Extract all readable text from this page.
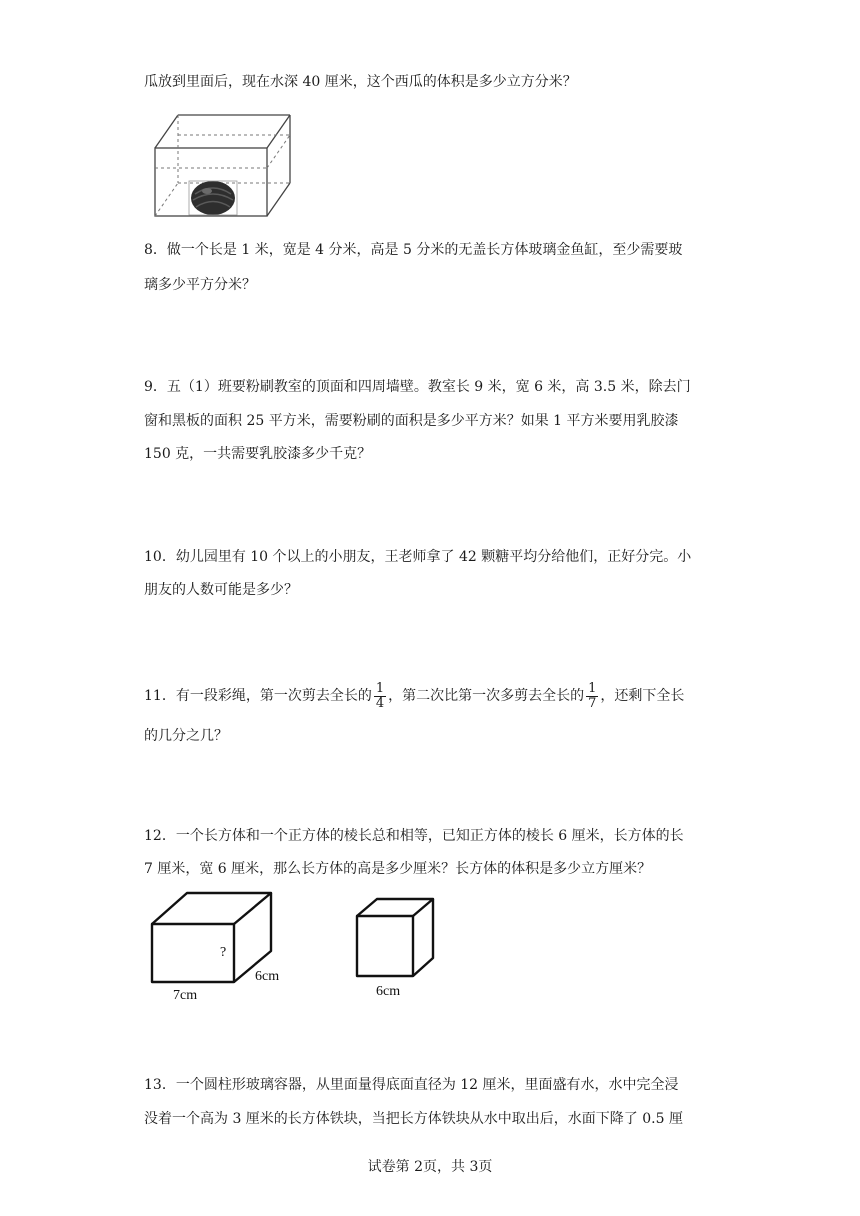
瓜放到里面后，现在水深 40 厘米，这个西瓜的体积是多少立方分米？
8．做一个长是 1 米，宽是 4 分米，高是 5 分米的无盖长方体玻璃金鱼缸，至少需要玻
璃多少平方分米？
9．五（1）班要粉刷教室的顶面和四周墙壁。教室长 9 米，宽 6 米，高 3.5 米，除去门
窗和黑板的面积 25 平方米，需要粉刷的面积是多少平方米？如果 1 平方米要用乳胶漆
150 克，一共需要乳胶漆多少千克？
10．幼儿园里有 10 个以上的小朋友，王老师拿了 42 颗糖平均分给他们，正好分完。小
朋友的人数可能是多少？
11．有一段彩绳，第一次剪去全长的 $\frac{1}{4}$ ，第二次比第一次多剪去全长的 $\frac{1}{7}$ ，还剩下全长
的几分之几？
12．一个长方体和一个正方体的棱长总和相等，已知正方体的棱长 6 厘米，长方体的长
7 厘米，宽 6 厘米，那么长方体的高是多少厘米？长方体的体积是多少立方厘米？
?
6cm
7cm	6cm
13．一个圆柱形玻璃容器，从里面量得底面直径为 12 厘米，里面盛有水，水中完全浸
没着一个高为 3 厘米的长方体铁块，当把长方体铁块从水中取出后，水面下降了 0.5 厘
试卷第 2页，共 3页
